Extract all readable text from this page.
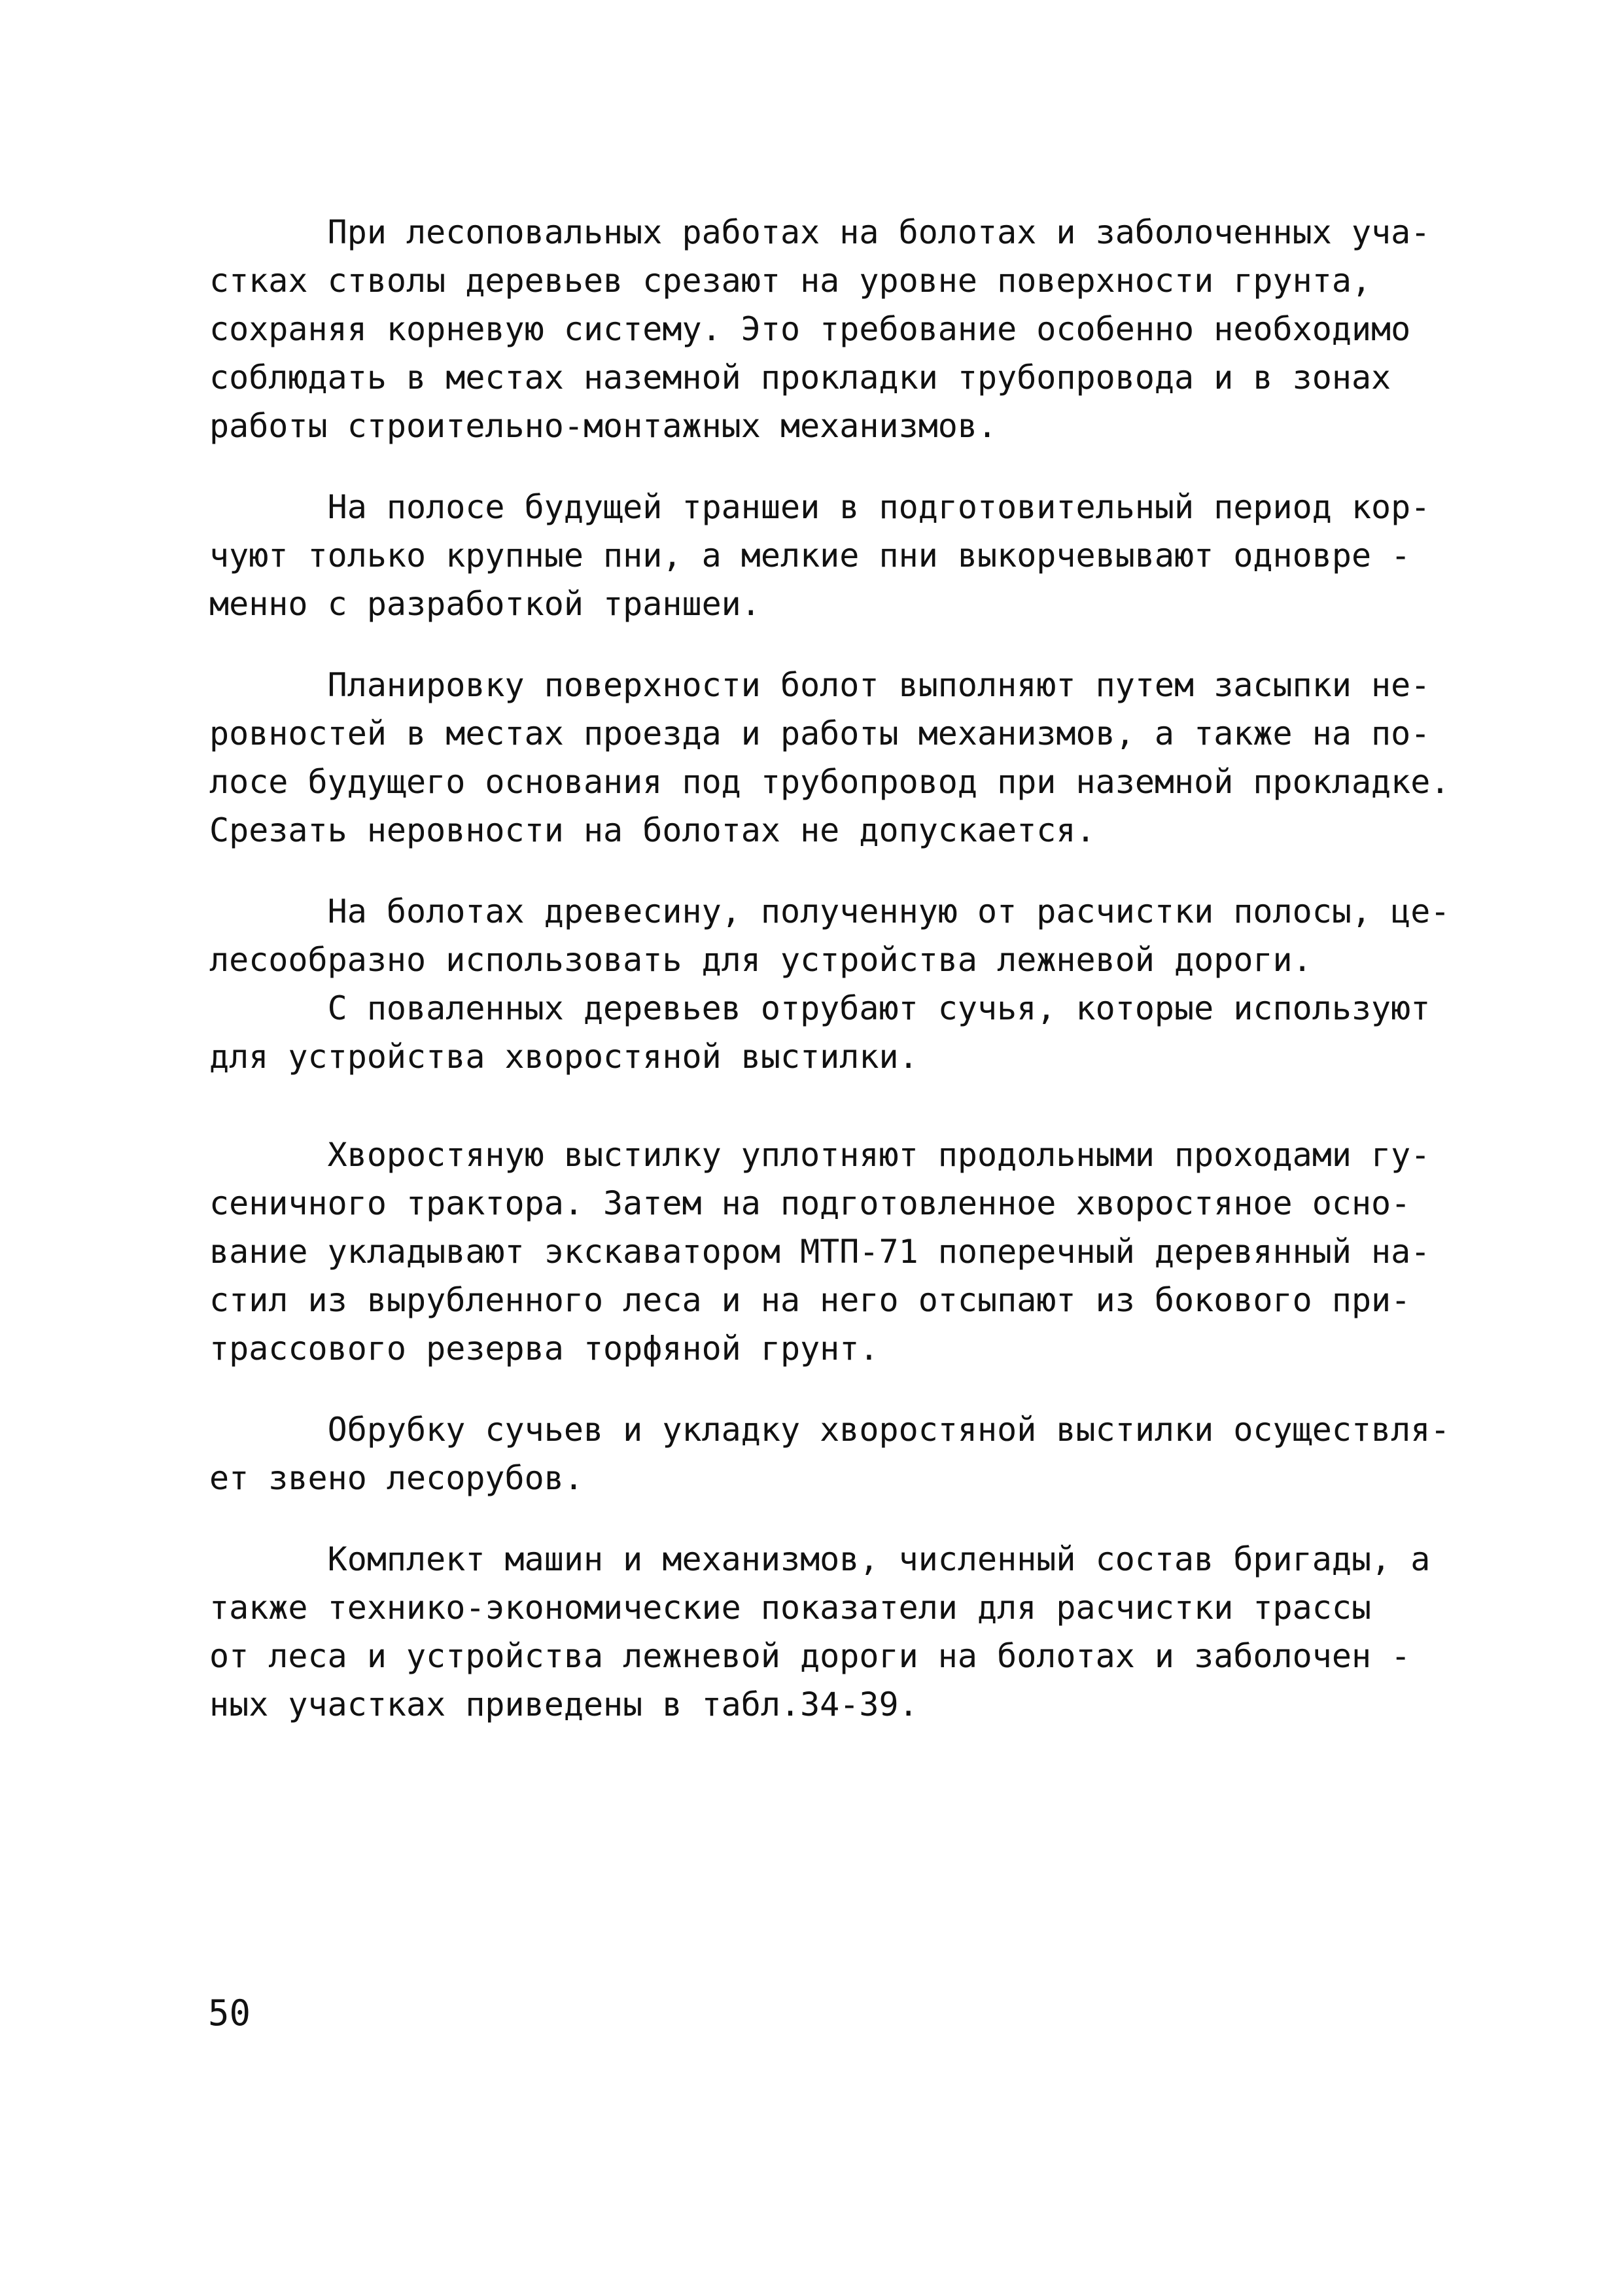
При лесоповальных работах на болотах и заболоченных уча-
стках стволы деревьев срезают на уровне поверхности грунта,
сохраняя корневую систему. Это требование особенно необходимо
соблюдать в местах наземной прокладки трубопровода и в зонах
работы строительно-монтажных механизмов.
На полосе будущей траншеи в подготовительный период кор-
чуют только крупные пни, а мелкие пни выкорчевывают одновре -
менно с разработкой траншеи.
Планировку поверхности болот выполняют путем засыпки не-
ровностей в местах проезда и работы механизмов, а также на по-
лосе будущего основания под трубопровод при наземной прокладке.
Срезать неровности на болотах не допускается.
На болотах древесину, полученную от расчистки полосы, це-
лесообразно использовать для устройства лежневой дороги.
С поваленных деревьев отрубают сучья, которые используют
для устройства хворостяной выстилки.
Хворостяную выстилку уплотняют продольными проходами гу-
сеничного трактора. Затем на подготовленное хворостяное осно-
вание укладывают экскаватором МТП-71 поперечный деревянный на-
стил из вырубленного леса и на него отсыпают из бокового при-
трассового резерва торфяной грунт.
Обрубку сучьев и укладку хворостяной выстилки осуществля-
ет звено лесорубов.
Комплект машин и механизмов, численный состав бригады, а
также технико-экономические показатели для расчистки трассы
от леса и устройства лежневой дороги на болотах и заболочен -
ных участках приведены в табл.34-39.
50
